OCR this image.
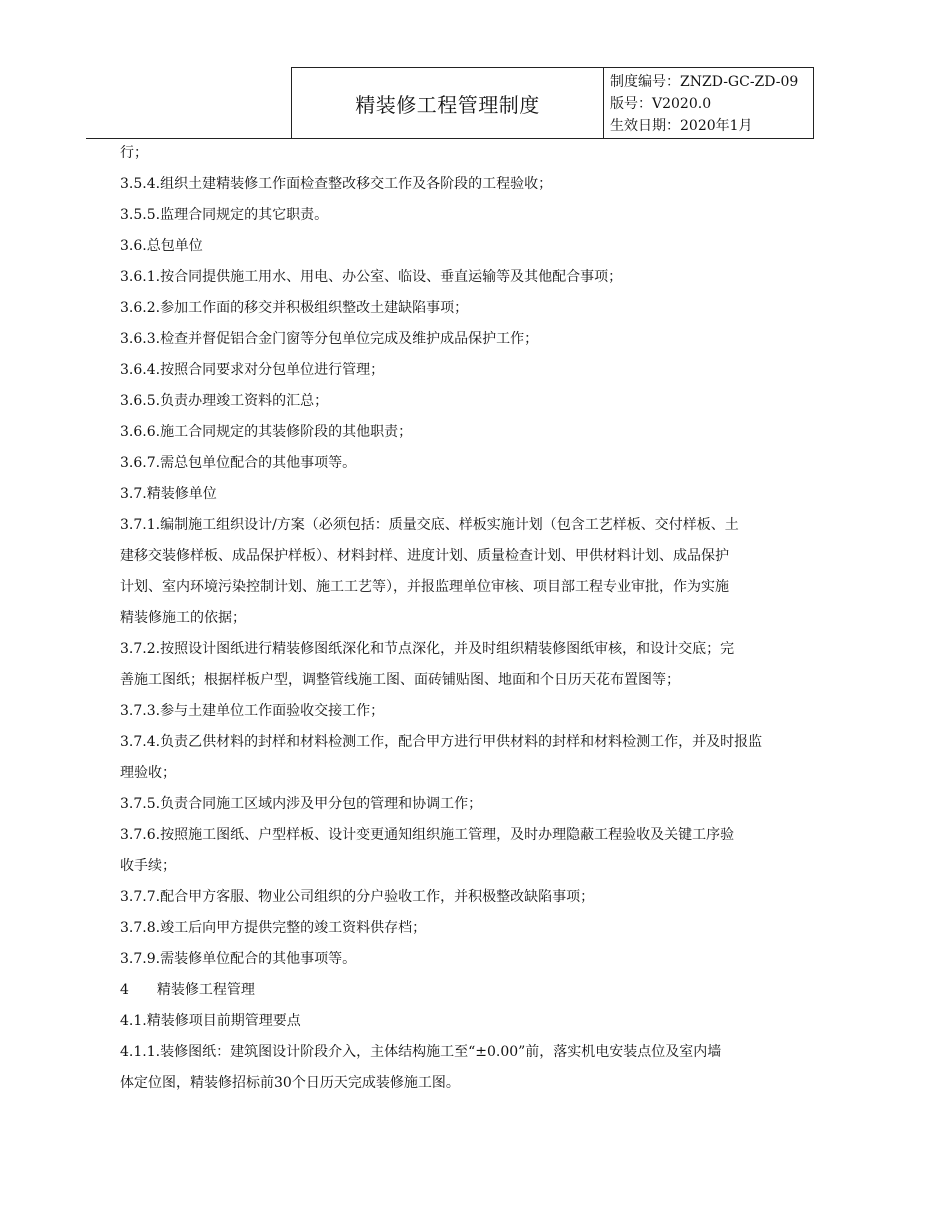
精装修工程管理制度
制度编号：ZNZD-GC-ZD-09
版号：V2020.0
生效日期：2020年1月

行；

3.5.4.组织土建精装修工作面检查整改移交工作及各阶段的工程验收；

3.5.5.监理合同规定的其它职责。

3.6.总包单位

3.6.1.按合同提供施工用水、用电、办公室、临设、垂直运输等及其他配合事项；

3.6.2.参加工作面的移交并积极组织整改土建缺陷事项；

3.6.3.检查并督促铝合金门窗等分包单位完成及维护成品保护工作；

3.6.4.按照合同要求对分包单位进行管理；

3.6.5.负责办理竣工资料的汇总；

3.6.6.施工合同规定的其装修阶段的其他职责；

3.6.7.需总包单位配合的其他事项等。

3.7.精装修单位

3.7.1.编制施工组织设计/方案（必须包括：质量交底、样板实施计划（包含工艺样板、交付样板、土

建移交装修样板、成品保护样板）、材料封样、进度计划、质量检查计划、甲供材料计划、成品保护

计划、室内环境污染控制计划、施工工艺等），并报监理单位审核、项目部工程专业审批，作为实施

精装修施工的依据；

3.7.2.按照设计图纸进行精装修图纸深化和节点深化，并及时组织精装修图纸审核，和设计交底；完

善施工图纸；根据样板户型，调整管线施工图、面砖铺贴图、地面和个日历天花布置图等；

3.7.3.参与土建单位工作面验收交接工作；

3.7.4.负责乙供材料的封样和材料检测工作，配合甲方进行甲供材料的封样和材料检测工作，并及时报监

理验收；

3.7.5.负责合同施工区域内涉及甲分包的管理和协调工作；

3.7.6.按照施工图纸、户型样板、设计变更通知组织施工管理，及时办理隐蔽工程验收及关键工序验

收手续；

3.7.7.配合甲方客服、物业公司组织的分户验收工作，并积极整改缺陷事项；

3.7.8.竣工后向甲方提供完整的竣工资料供存档；

3.7.9.需装修单位配合的其他事项等。

4　　精装修工程管理

4.1.精装修项目前期管理要点

4.1.1.装修图纸：建筑图设计阶段介入，主体结构施工至“±0.00”前，落实机电安装点位及室内墙

体定位图，精装修招标前30个日历天完成装修施工图。
